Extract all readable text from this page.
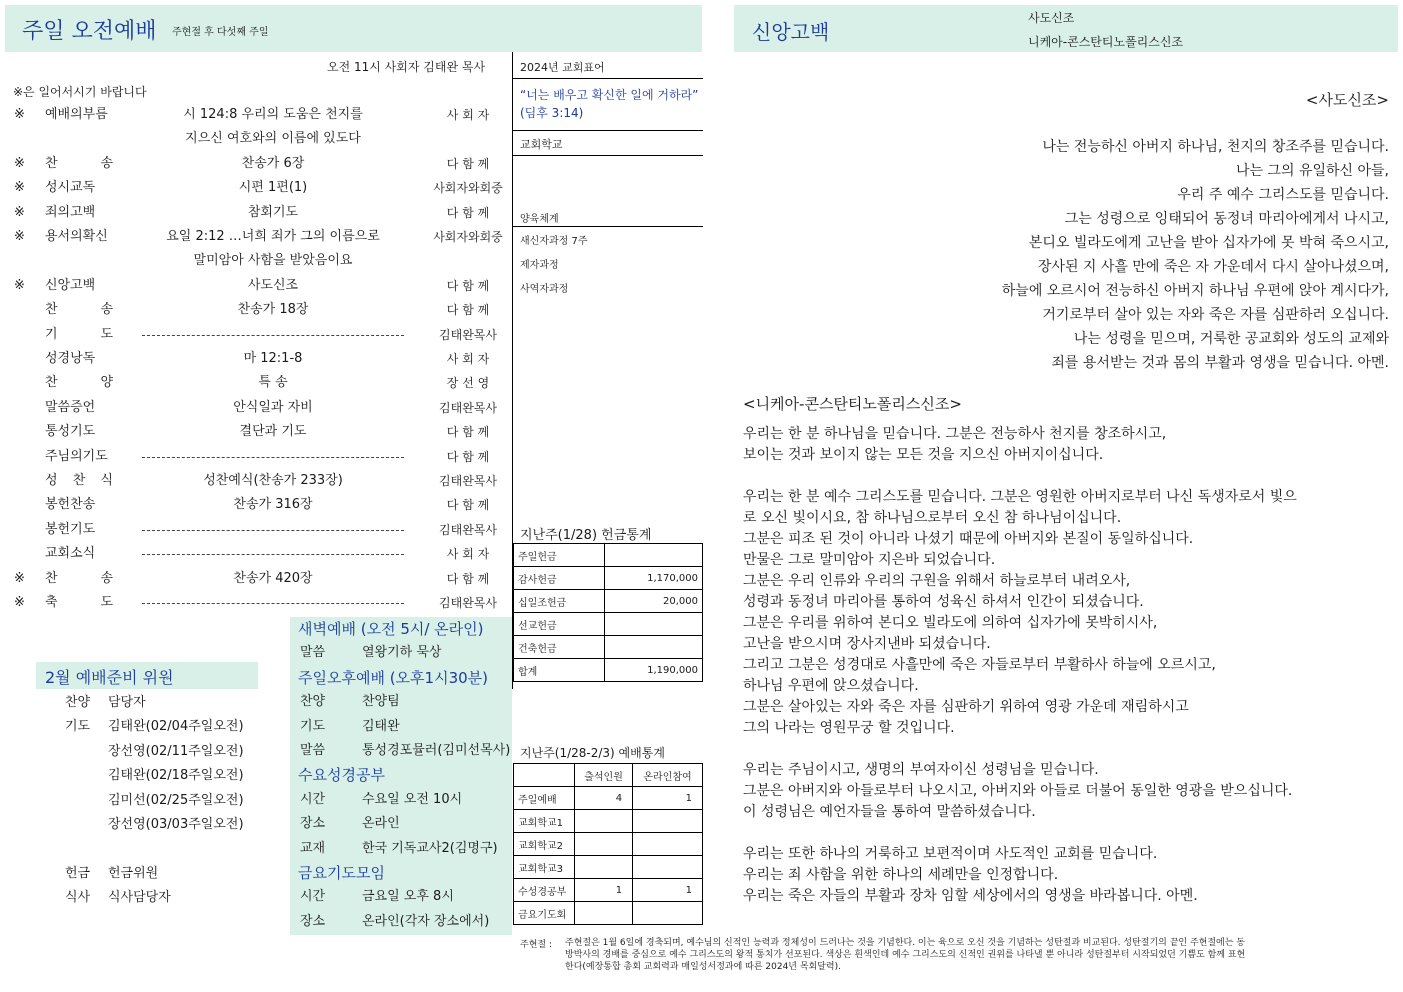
주일 오전예배 주현절 후 다섯째 주일
오전 11시 사회자 김태완 목사
※은 일어서시기 바랍니다
※ 예배의부름	시 124:8 우리의 도움은 천지를	사 회 자
지으신 여호와의 이름에 있도다
※ 찬 송	찬송가 6장	다 함 께
※ 성시교독	시편 1편(1)	사회자와회중
※ 죄의고백	참회기도	다 함 께
※ 용서의확신	요일 2:12 …너희 죄가 그의 이름으로	사회자와회중
말미암아 사함을 받았음이요
※ 신앙고백	사도신조	다 함 께
찬 송	찬송가 18장	다 함 께
기 도	김태완목사
성경낭독	마 12:1-8	사 회 자
찬 양	특 송	장 선 영
말씀증언	안식일과 자비	김태완목사
통성기도	결단과 기도	다 함 께
주님의기도	다 함 께
성 찬 식	성찬예식(찬송가 233장)	김태완목사
봉헌찬송	찬송가 316장	다 함 께
봉헌기도	김태완목사
교회소식	사 회 자
※ 찬 송	찬송가 420장	다 함 께
※ 축 도	김태완목사
2024년 교회표어
“너는 배우고 확신한 일에 거하라” (딤후 3:14)
교회학교
양육체계
새신자과정 7주
제자과정
사역자과정
지난주(1/28) 헌금통계
주일헌금	
감사헌금	1,170,000
십일조헌금	20,000
선교헌금	
건축헌금	
합계	1,190,000
지난주(1/28-2/3) 예배통계
	출석인원	온라인참여
주일예배	4	1
교회학교1		
교회학교2		
교회학교3		
수성경공부	1	1
금요기도회		
2월 예배준비 위원
찬양 담당자
기도 김태완(02/04주일오전)
장선영(02/11주일오전)
김태완(02/18주일오전)
김미선(02/25주일오전)
장선영(03/03주일오전)
헌금 헌금위원
식사 식사담당자
새벽예배 (오전 5시/ 온라인)
말씀	열왕기하 묵상
주일오후예배 (오후1시30분)
찬양	찬양팀
기도	김태완
말씀	통성경포뮬러(김미선목사)
수요성경공부
시간	수요일 오전 10시
장소	온라인
교재	한국 기독교사2(김명구)
금요기도모임
시간	금요일 오후 8시
장소	온라인(각자 장소에서)
주현절 : 주현절은 1월 6일에 경축되며, 예수님의 신적인 능력과 정체성이 드러나는 것을 기념한다. 이는 육으로 오신 것을 기념하는 성탄절과 비교된다. 성탄절기의 끝인 주현절에는 동
방박사의 경배를 중심으로 예수 그리스도의 왕적 통치가 선포된다. 색상은 흰색인데 예수 그리스도의 신적인 권위를 나타낼 뿐 아니라 성탄절부터 시작되었던 기쁨도 함께 표현
한다(예장통합 총회 교회력과 매일성서정과에 따른 2024년 목회달력).
신앙고백
사도신조
니케아-콘스탄티노폴리스신조
<사도신조>
나는 전능하신 아버지 하나님, 천지의 창조주를 믿습니다.
나는 그의 유일하신 아들,
우리 주 예수 그리스도를 믿습니다.
그는 성령으로 잉태되어 동정녀 마리아에게서 나시고,
본디오 빌라도에게 고난을 받아 십자가에 못 박혀 죽으시고,
장사된 지 사흘 만에 죽은 자 가운데서 다시 살아나셨으며,
하늘에 오르시어 전능하신 아버지 하나님 우편에 앉아 계시다가,
거기로부터 살아 있는 자와 죽은 자를 심판하러 오십니다.
나는 성령을 믿으며, 거룩한 공교회와 성도의 교제와
죄를 용서받는 것과 몸의 부활과 영생을 믿습니다. 아멘.
<니케아-콘스탄티노폴리스신조>

우리는 한 분 하나님을 믿습니다. 그분은 전능하사 천지를 창조하시고,
보이는 것과 보이지 않는 모든 것을 지으신 아버지이십니다.

우리는 한 분 예수 그리스도를 믿습니다. 그분은 영원한 아버지로부터 나신 독생자로서 빛으
로 오신 빛이시요, 참 하나님으로부터 오신 참 하나님이십니다.
그분은 피조 된 것이 아니라 나셨기 때문에 아버지와 본질이 동일하십니다.
만물은 그로 말미암아 지은바 되었습니다.
그분은 우리 인류와 우리의 구원을 위해서 하늘로부터 내려오사,
성령과 동정녀 마리아를 통하여 성육신 하셔서 인간이 되셨습니다.
그분은 우리를 위하여 본디오 빌라도에 의하여 십자가에 못박히시사,
고난을 받으시며 장사지낸바 되셨습니다.
그리고 그분은 성경대로 사흘만에 죽은 자들로부터 부활하사 하늘에 오르시고,
하나님 우편에 앉으셨습니다.
그분은 살아있는 자와 죽은 자를 심판하기 위하여 영광 가운데 재림하시고
그의 나라는 영원무궁 할 것입니다.

우리는 주님이시고, 생명의 부여자이신 성령님을 믿습니다.
그분은 아버지와 아들로부터 나오시고, 아버지와 아들로 더불어 동일한 영광을 받으십니다.
이 성령님은 예언자들을 통하여 말씀하셨습니다.

우리는 또한 하나의 거룩하고 보편적이며 사도적인 교회를 믿습니다.
우리는 죄 사함을 위한 하나의 세례만을 인정합니다.
우리는 죽은 자들의 부활과 장차 임할 세상에서의 영생을 바라봅니다. 아멘.
